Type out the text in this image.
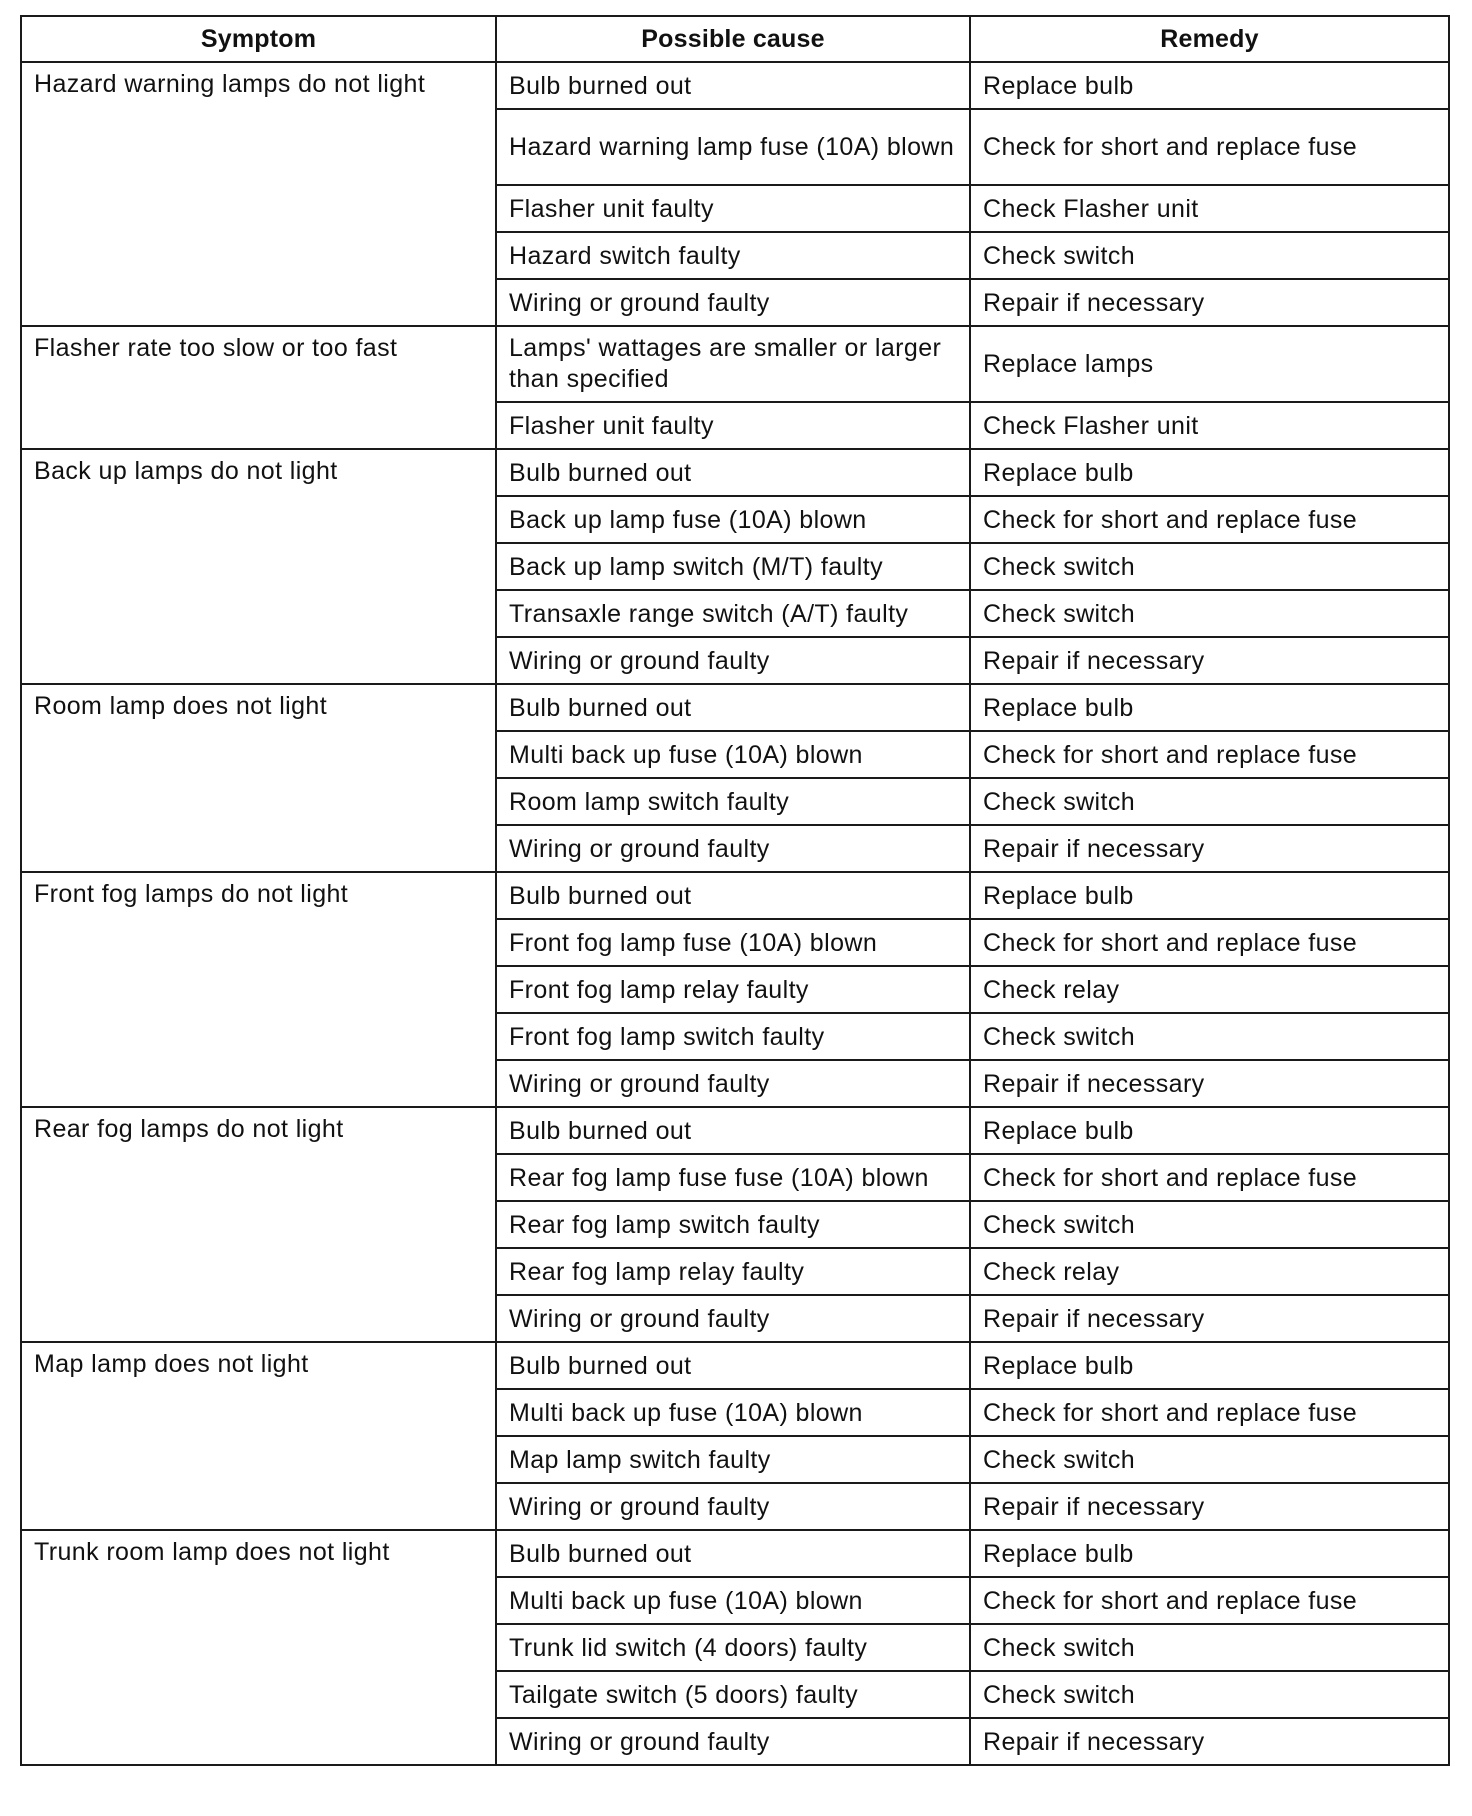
Symptom	Possible cause	Remedy
Hazard warning lamps do not light	Bulb burned out	Replace bulb
	Hazard warning lamp fuse (10A) blown	Check for short and replace fuse
	Flasher unit faulty	Check Flasher unit
	Hazard switch faulty	Check switch
	Wiring or ground faulty	Repair if necessary
Flasher rate too slow or too fast	Lamps' wattages are smaller or larger than specified	Replace lamps
	Flasher unit faulty	Check Flasher unit
Back up lamps do not light	Bulb burned out	Replace bulb
	Back up lamp fuse (10A) blown	Check for short and replace fuse
	Back up lamp switch (M/T) faulty	Check switch
	Transaxle range switch (A/T) faulty	Check switch
	Wiring or ground faulty	Repair if necessary
Room lamp does not light	Bulb burned out	Replace bulb
	Multi back up fuse (10A) blown	Check for short and replace fuse
	Room lamp switch faulty	Check switch
	Wiring or ground faulty	Repair if necessary
Front fog lamps do not light	Bulb burned out	Replace bulb
	Front fog lamp fuse (10A) blown	Check for short and replace fuse
	Front fog lamp relay faulty	Check relay
	Front fog lamp switch faulty	Check switch
	Wiring or ground faulty	Repair if necessary
Rear fog lamps do not light	Bulb burned out	Replace bulb
	Rear fog lamp fuse fuse (10A) blown	Check for short and replace fuse
	Rear fog lamp switch faulty	Check switch
	Rear fog lamp relay faulty	Check relay
	Wiring or ground faulty	Repair if necessary
Map lamp does not light	Bulb burned out	Replace bulb
	Multi back up fuse (10A) blown	Check for short and replace fuse
	Map lamp switch faulty	Check switch
	Wiring or ground faulty	Repair if necessary
Trunk room lamp does not light	Bulb burned out	Replace bulb
	Multi back up fuse (10A) blown	Check for short and replace fuse
	Trunk lid switch (4 doors) faulty	Check switch
	Tailgate switch (5 doors) faulty	Check switch
	Wiring or ground faulty	Repair if necessary
